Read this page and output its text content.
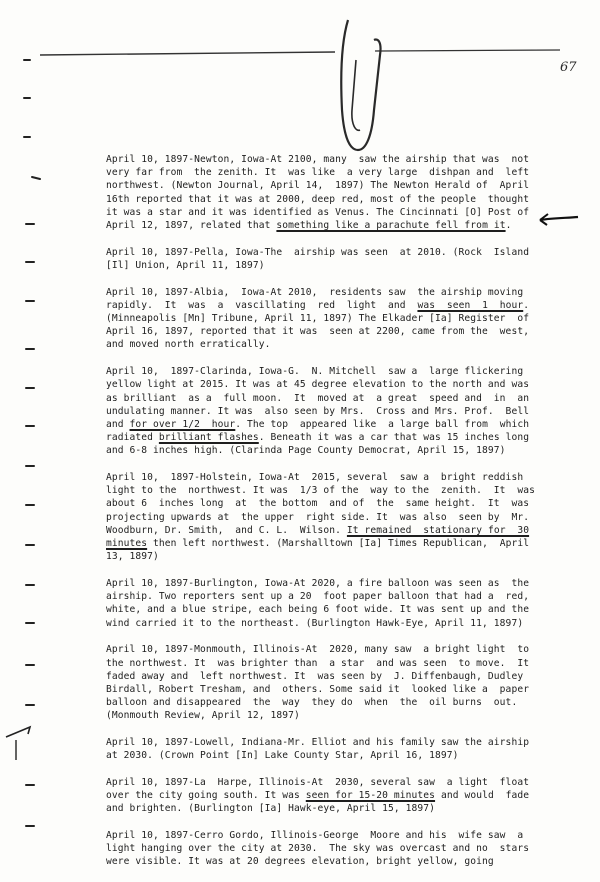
67
April 10, 1897-Newton, Iowa-At 2100, many  saw the airship that was  not
very far from  the zenith. It  was like  a very large  dishpan and  left
northwest. (Newton Journal, April 14,  1897) The Newton Herald of  April
16th reported that it was at 2000, deep red, most of the people  thought
it was a star and it was identified as Venus. The Cincinnati [O] Post of
April 12, 1897, related that something like a parachute fell from it.
April 10, 1897-Pella, Iowa-The  airship was seen  at 2010. (Rock  Island
[Il] Union, April 11, 1897)
April 10, 1897-Albia,  Iowa-At 2010,  residents saw  the airship moving
rapidly.  It  was  a  vascillating  red  light  and  was  seen  1  hour.
(Minneapolis [Mn] Tribune, April 11, 1897) The Elkader [Ia] Register  of
April 16, 1897, reported that it was  seen at 2200, came from the  west,
and moved north erratically.
April 10,  1897-Clarinda, Iowa-G.  N. Mitchell  saw a  large flickering
yellow light at 2015. It was at 45 degree elevation to the north and was
as brilliant  as a  full moon.  It  moved at  a great  speed and  in  an
undulating manner. It was  also seen by Mrs.  Cross and Mrs. Prof.  Bell
and for over 1/2  hour. The top  appeared like  a large ball from  which
radiated brilliant flashes. Beneath it was a car that was 15 inches long
and 6-8 inches high. (Clarinda Page County Democrat, April 15, 1897)
April 10,  1897-Holstein, Iowa-At  2015, several  saw a  bright reddish
light to the  northwest. It was  1/3 of the  way to the  zenith.  It  was
about 6  inches long  at  the bottom  and of  the  same height.  It  was
projecting upwards at  the upper  right side. It  was also  seen by  Mr.
Woodburn, Dr. Smith,  and C. L.  Wilson. It remained  stationary for  30
minutes then left northwest. (Marshalltown [Ia] Times Republican,  April
13, 1897)
April 10, 1897-Burlington, Iowa-At 2020, a fire balloon was seen as  the
airship. Two reporters sent up a 20  foot paper balloon that had a  red,
white, and a blue stripe, each being 6 foot wide. It was sent up and the
wind carried it to the northeast. (Burlington Hawk-Eye, April 11, 1897)
April 10, 1897-Monmouth, Illinois-At  2020, many saw  a bright light  to
the northwest. It  was brighter than  a star  and was seen  to move.  It
faded away and  left northwest. It  was seen by  J. Diffenbaugh, Dudley
Birdall, Robert Tresham, and  others. Some said it  looked like a  paper
balloon and disappeared  the  way  they do  when  the  oil burns  out.
(Monmouth Review, April 12, 1897)
April 10, 1897-Lowell, Indiana-Mr. Elliot and his family saw the airship
at 2030. (Crown Point [In] Lake County Star, April 16, 1897)
April 10, 1897-La  Harpe, Illinois-At  2030, several saw  a light  float
over the city going south. It was seen for 15-20 minutes and would  fade
and brighten. (Burlington [Ia] Hawk-eye, April 15, 1897)
April 10, 1897-Cerro Gordo, Illinois-George  Moore and his  wife saw  a
light hanging over the city at 2030.  The sky was overcast and no  stars
were visible. It was at 20 degrees elevation, bright yellow, going
